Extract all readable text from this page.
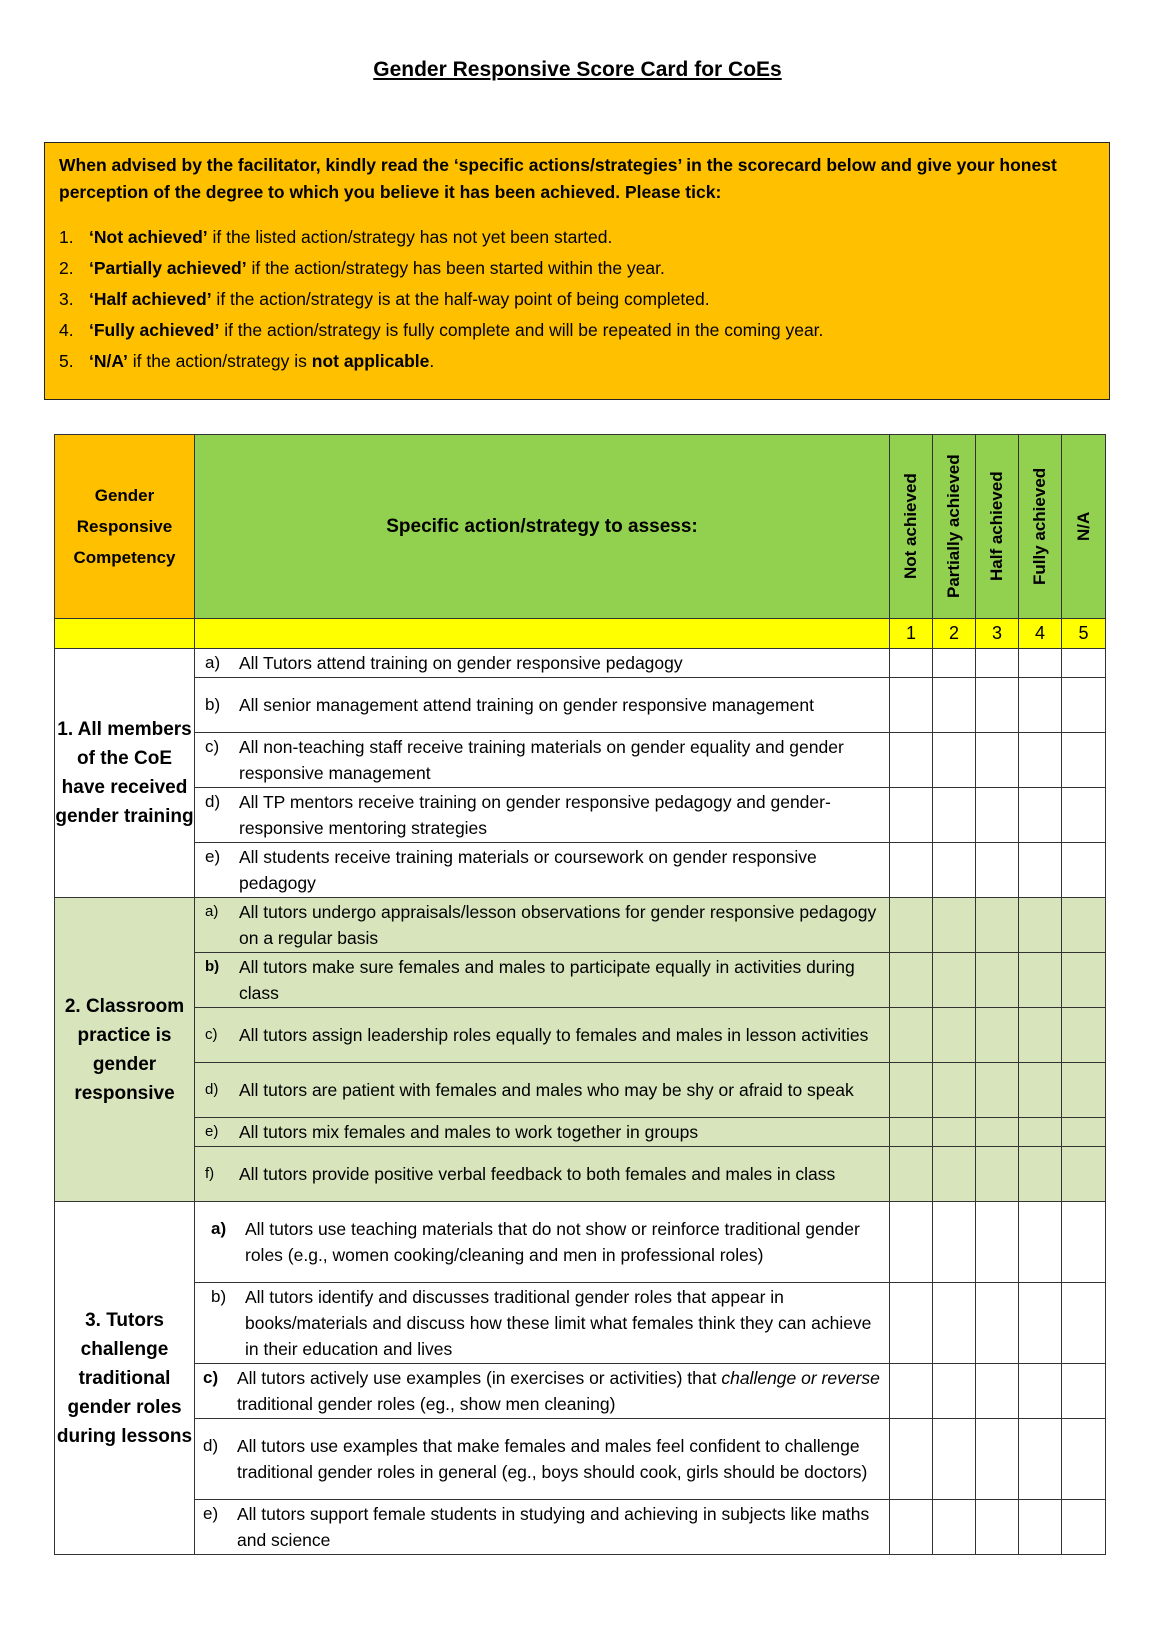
Gender Responsive Score Card for CoEs
When advised by the facilitator, kindly read the ‘specific actions/strategies’ in the scorecard below and give your honest perception of the degree to which you believe it has been achieved. Please tick:
1. ‘Not achieved’ if the listed action/strategy has not yet been started.
2. ‘Partially achieved’ if the action/strategy has been started within the year.
3. ‘Half achieved’ if the action/strategy is at the half-way point of being completed.
4. ‘Fully achieved’ if the action/strategy is fully complete and will be repeated in the coming year.
5. ‘N/A’ if the action/strategy is not applicable.
Gender Responsive Competency	Specific action/strategy to assess:	Not achieved	Partially achieved	Half achieved	Fully achieved	N/A

		1	2	3	4	5
1. All members of the CoE have received gender training	a) All Tutors attend training on gender responsive pedagogy					

	b) All senior management attend training on gender responsive management					

	c) All non-teaching staff receive training materials on gender equality and gender responsive management					

	d) All TP mentors receive training on gender responsive pedagogy and gender-responsive mentoring strategies					

	e) All students receive training materials or coursework on gender responsive pedagogy					

2. Classroom practice is gender responsive	a) All tutors undergo appraisals/lesson observations for gender responsive pedagogy on a regular basis					

	b) All tutors make sure females and males to participate equally in activities during class					

	c) All tutors assign leadership roles equally to females and males in lesson activities					

	d) All tutors are patient with females and males who may be shy or afraid to speak					

	e) All tutors mix females and males to work together in groups					

	f) All tutors provide positive verbal feedback to both females and males in class					

3. Tutors challenge traditional gender roles during lessons	a) All tutors use teaching materials that do not show or reinforce traditional gender roles (e.g., women cooking/cleaning and men in professional roles)					

	b) All tutors identify and discusses traditional gender roles that appear in books/materials and discuss how these limit what females think they can achieve in their education and lives					

	c) All tutors actively use examples (in exercises or activities) that challenge or reverse traditional gender roles (eg., show men cleaning)					

	d) All tutors use examples that make females and males feel confident to challenge traditional gender roles in general (eg., boys should cook, girls should be doctors)					

	e) All tutors support female students in studying and achieving in subjects like maths and science					
